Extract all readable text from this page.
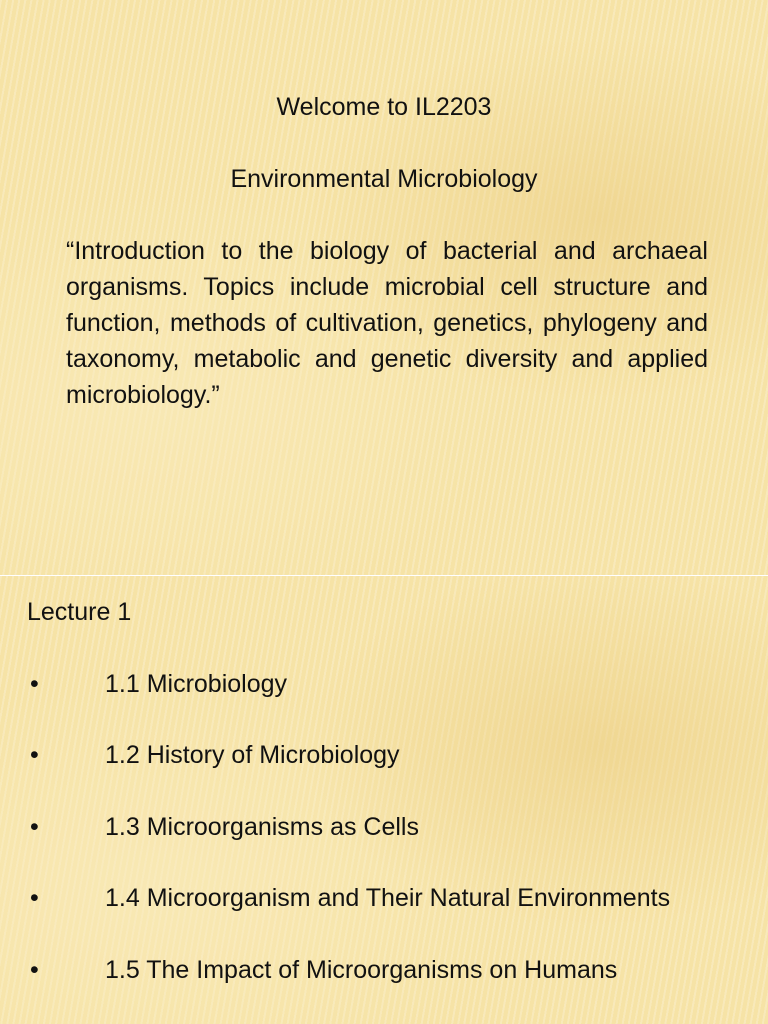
Welcome to IL2203
Environmental Microbiology

“Introduction to the biology of bacterial and archaeal organisms. Topics include microbial cell structure and function, methods of cultivation, genetics, phylogeny and taxonomy, metabolic and genetic diversity and applied microbiology.”

Lecture 1
•	1.1 Microbiology
•	1.2 History of Microbiology
•	1.3 Microorganisms as Cells
•	1.4 Microorganism and Their Natural Environments
•	1.5 The Impact of Microorganisms on Humans
